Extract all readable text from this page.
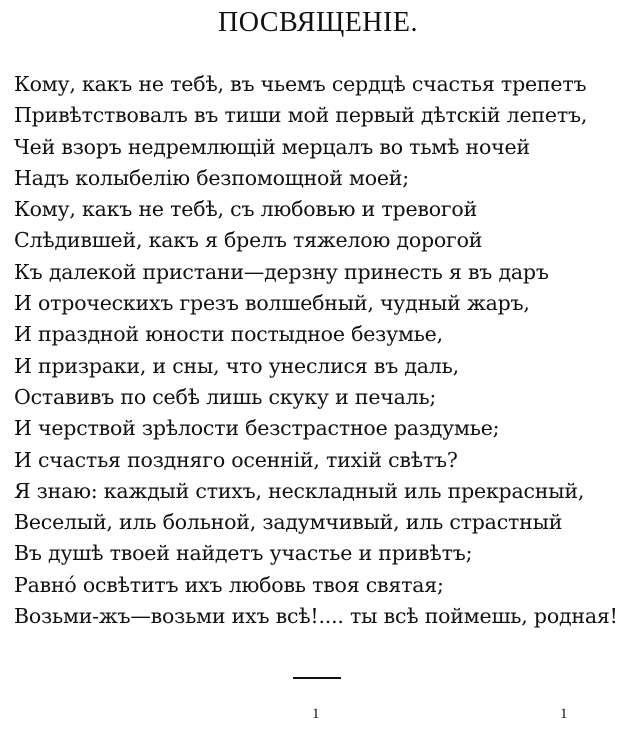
ПОСВЯЩЕНIE.
Кому, какъ не тебѣ, въ чьемъ сердцѣ счастья трепетъ
Привѣтствовалъ въ тиши мой первый дѣтскiй лепетъ,
Чей взоръ недремлющiй мерцалъ во тьмѣ ночей
Надъ колыбелiю безпомощной моей;
Кому, какъ не тебѣ, съ любовью и тревогой
Слѣдившей, какъ я брелъ тяжелою дорогой
Къ далекой пристани—дерзну принесть я въ даръ
И отроческихъ грезъ волшебный, чудный жаръ,
И праздной юности постыдное безумье,
И призраки, и сны, что унеслися въ даль,
Оставивъ по себѣ лишь скуку и печаль;
И черствой зрѣлости безстрастное раздумье;
И счастья поздняго осеннiй, тихiй свѣтъ?
Я знаю: каждый стихъ, нескладный иль прекрасный,
Веселый, иль больной, задумчивый, иль страстный
Въ душѣ твоей найдетъ участье и привѣтъ;
Равнó освѣтитъ ихъ любовь твоя святая;
Возьми-жъ—возьми ихъ всѣ!.... ты всѣ поймешь, родная!
1	1
